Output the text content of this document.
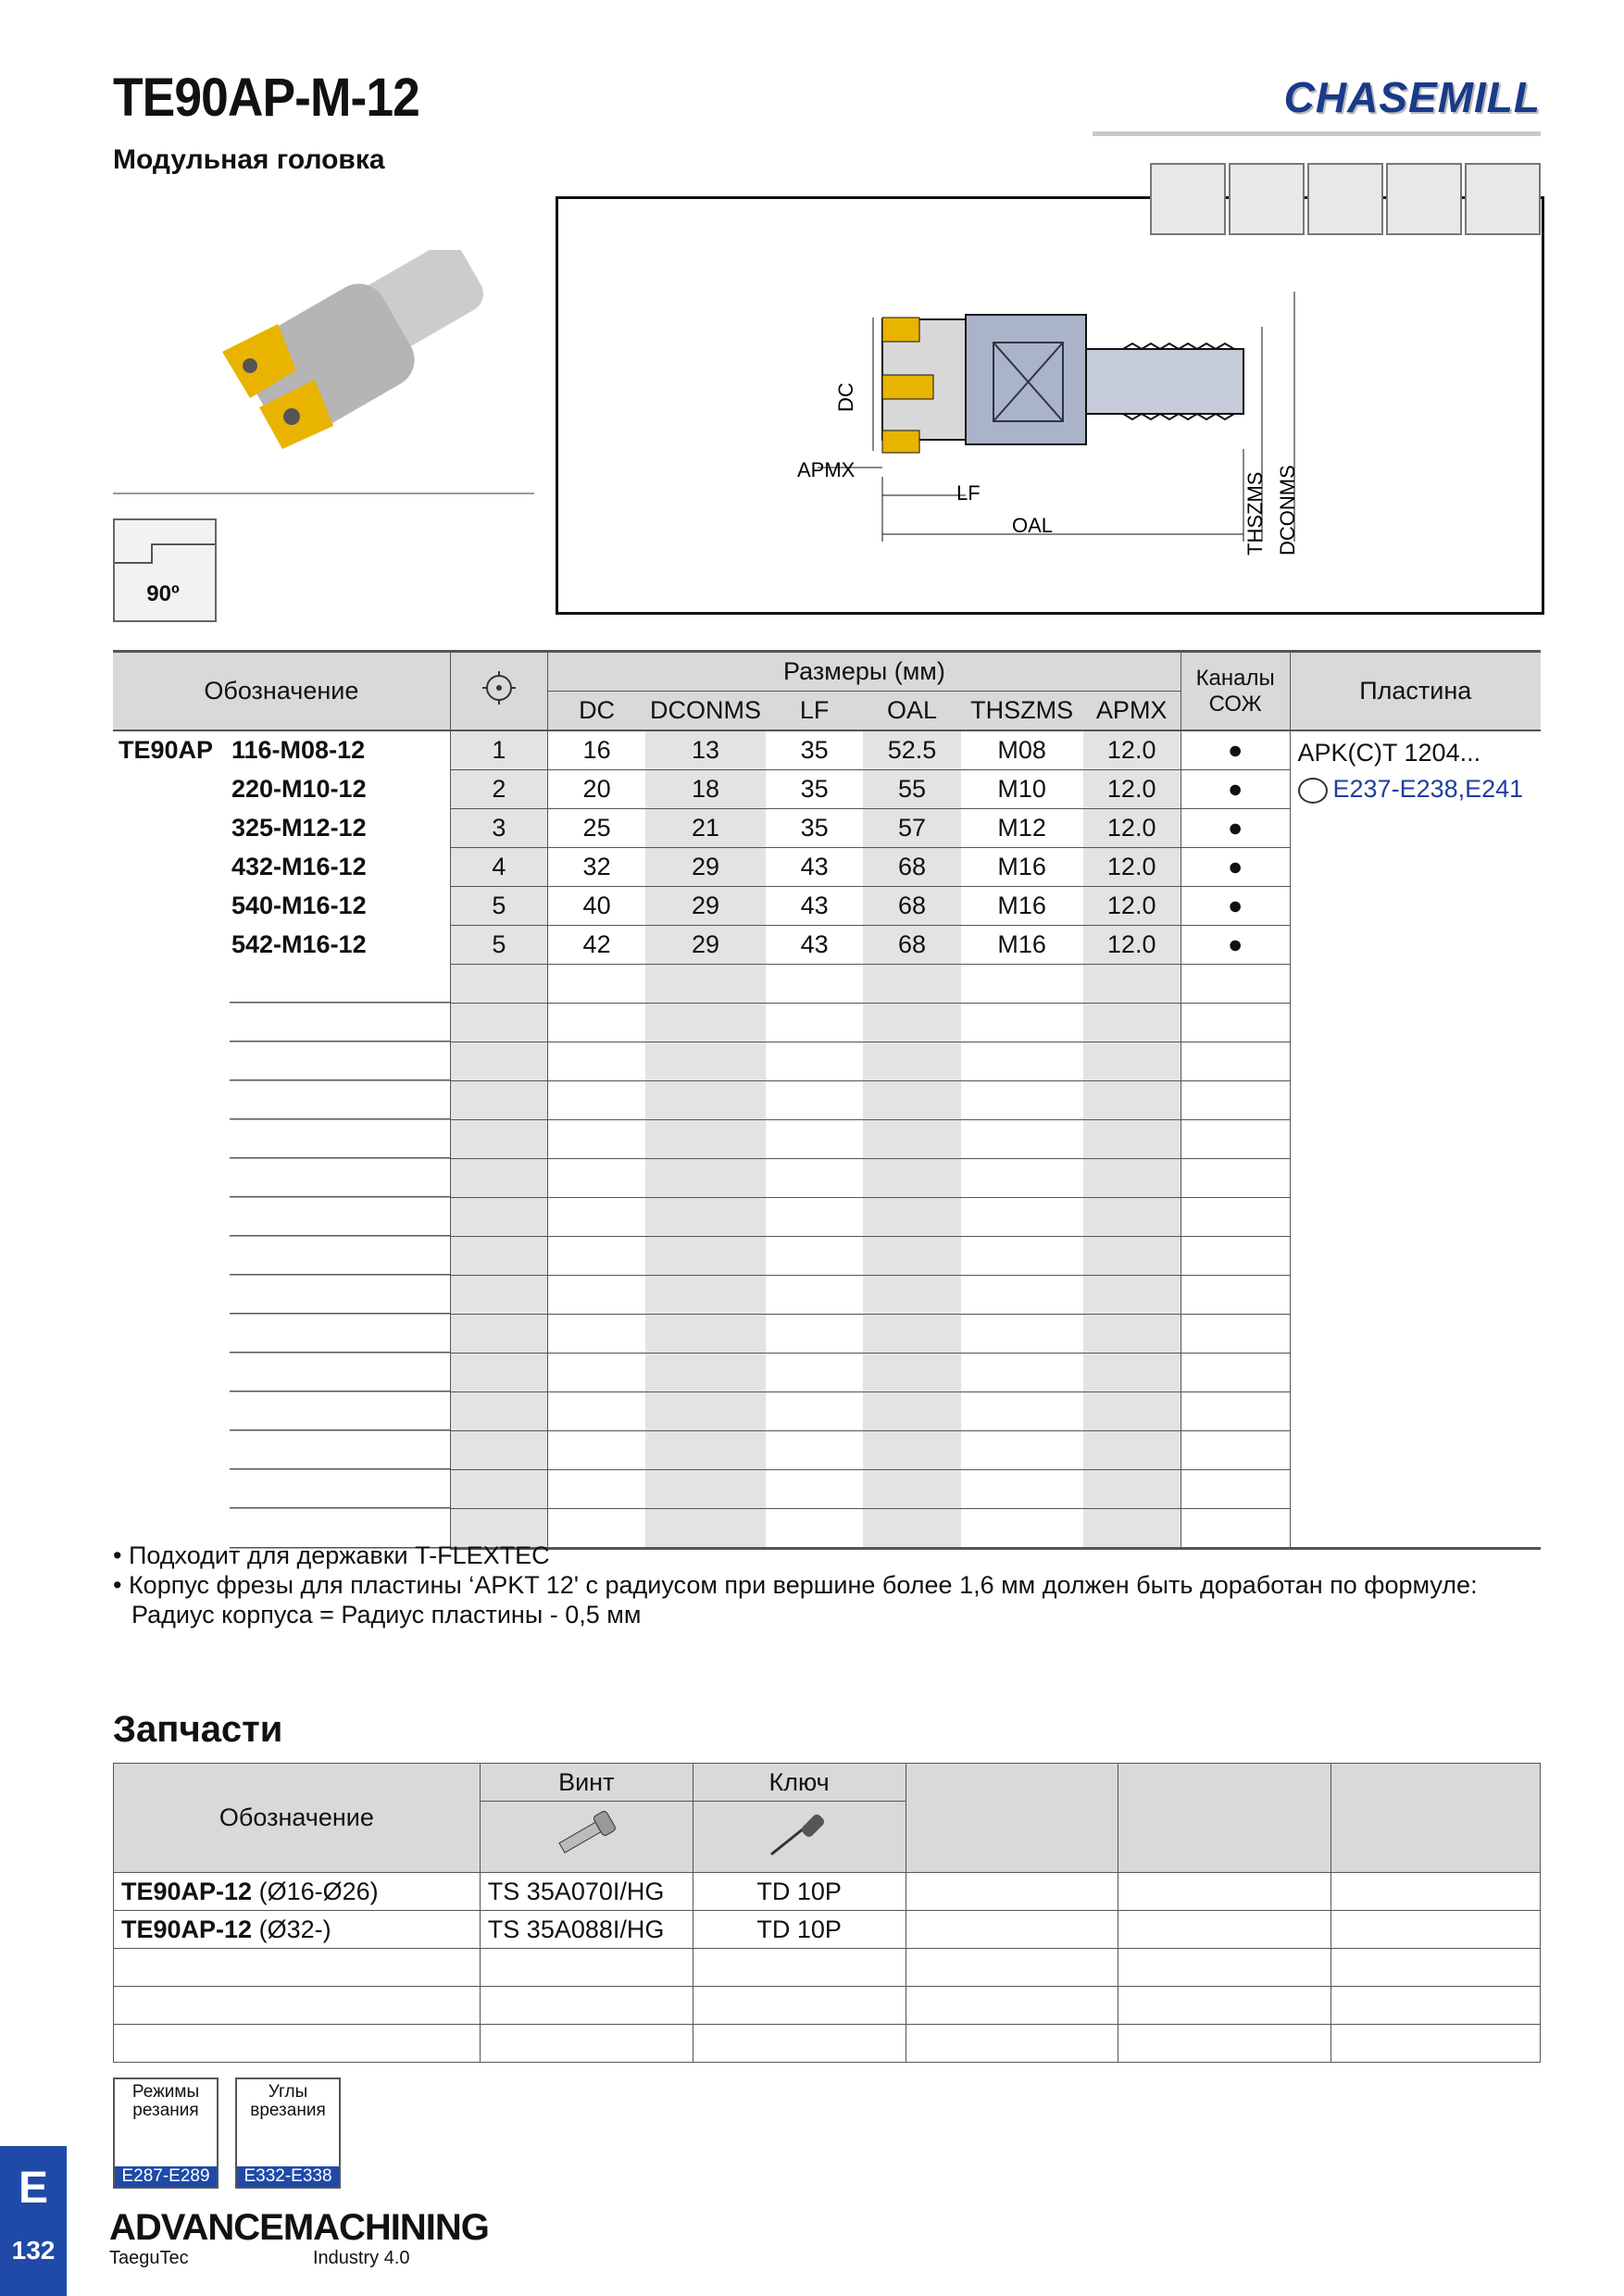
TE90AP-M-12
Модульная головка
CHASEMILL
90º
DC
APMX
LF
OAL	THSZMS DCONMS
Обозначение		Размеры (мм)						Каналы СОЖ	Пластина
		DC	DCONMS	LF	OAL	THSZMS	APMX		
TE90AP 116-M08-12	1	16	13	35	52.5	M08	12.0	●	APK(C)T 1204...
E237-E238,E241

220-M10-12	2	20	18	35	55	M10	12.0	●	
325-M12-12	3	25	21	35	57	M12	12.0	●	
432-M16-12	4	32	29	43	68	M16	12.0	●	
540-M16-12	5	40	29	43	68	M16	12.0	●	
542-M16-12	5	42	29	43	68	M16	12.0	●	

• Подходит для державки T-FLEXTEC
• Корпус фрезы для пластины ‘APKT 12' с радиусом при вершине более 1,6 мм должен быть доработан по формуле:
Радиус корпуса = Радиус пластины - 0,5 мм
Запчасти
Обозначение	Винт	Ключ			

TE90AP-12 (Ø16-Ø26)	TS 35A070I/HG	TD 10P			
TE90AP-12 (Ø32-)	TS 35A088I/HG	TD 10P			

Режимы резания
E287-E289
Углы врезания
E332-E338
E
132
ADVANCEMACHINING
TaeguTec	Industry 4.0
